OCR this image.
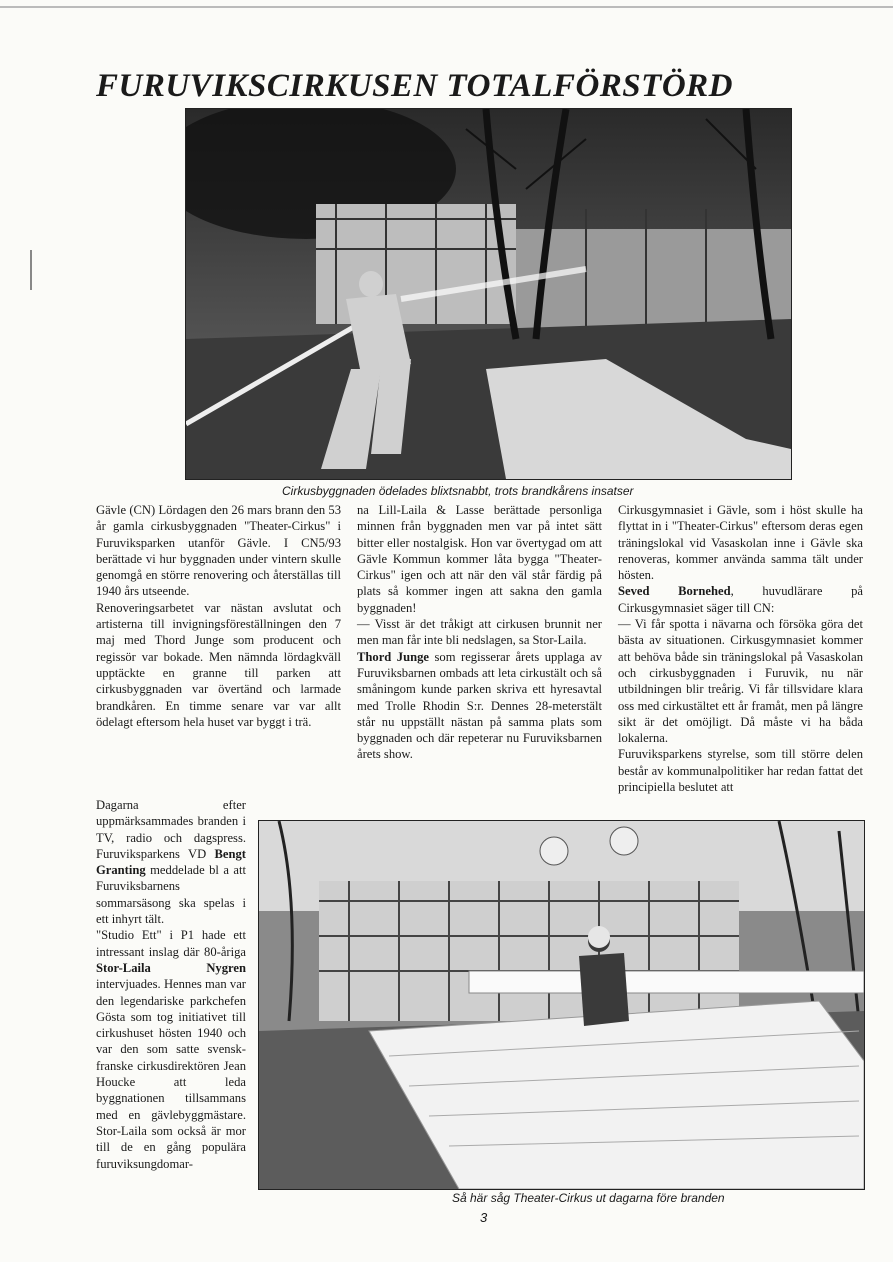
FURUVIKSCIRKUSEN TOTALFÖRSTÖRD
Cirkusbyggnaden ödelades blixtsnabbt, trots brandkårens insatser

Gävle (CN) Lördagen den 26 mars brann den 53 år gamla cirkusbyggnaden "Theater-Cirkus" i Furuviksparken utanför Gävle. I CN5/93 berättade vi hur byggnaden under vintern skulle genomgå en större renovering och återställas till 1940 års utseende.

Renoveringsarbetet var nästan avslutat och artisterna till invigningsföreställningen den 7 maj med Thord Junge som producent och regissör var bokade. Men nämnda lördagkväll upptäckte en granne till parken att cirkusbyggnaden var övertänd och larmade brandkåren. En timme senare var var allt ödelagt eftersom hela huset var byggt i trä.

Dagarna efter uppmärksammades branden i TV, radio och dagspress. Furuviksparkens VD Bengt Granting meddelade bl a att Furuviksbarnens sommarsäsong ska spelas i ett inhyrt tält.

"Studio Ett" i P1 hade ett intressant inslag där 80-åriga Stor-Laila Nygren intervjuades. Hennes man var den legendariske parkchefen Gösta som tog initiativet till cirkushuset hösten 1940 och var den som satte svensk-franske cirkusdirektören Jean Houcke att leda byggnationen tillsammans med en gävlebyggmästare. Stor-Laila som också är mor till de en gång populära furuviksungdomar-

na Lill-Laila & Lasse berättade personliga minnen från byggnaden men var på intet sätt bitter eller nostalgisk. Hon var övertygad om att Gävle Kommun kommer låta bygga "Theater-Cirkus" igen och att när den väl står färdig på plats så kommer ingen att sakna den gamla byggnaden!

— Visst är det tråkigt att cirkusen brunnit ner men man får inte bli nedslagen, sa Stor-Laila.

Thord Junge som regisserar årets upplaga av Furuviksbarnen ombads att leta cirkustält och så småningom kunde parken skriva ett hyresavtal med Trolle Rhodin S:r. Dennes 28-meterstält står nu uppställt nästan på samma plats som byggnaden och där repeterar nu Furuviksbarnen årets show.

Cirkusgymnasiet i Gävle, som i höst skulle ha flyttat in i "Theater-Cirkus" eftersom deras egen träningslokal vid Vasaskolan inne i Gävle ska renoveras, kommer använda samma tält under hösten.

Seved Bornehed, huvudlärare på Cirkusgymnasiet säger till CN:

— Vi får spotta i nävarna och försöka göra det bästa av situationen. Cirkusgymnasiet kommer att behöva både sin träningslokal på Vasaskolan och cirkusbyggnaden i Furuvik, nu när utbildningen blir treårig. Vi får tillsvidare klara oss med cirkustältet ett år framåt, men på längre sikt är det omöjligt. Då måste vi ha båda lokalerna.

Furuviksparkens styrelse, som till större delen består av kommunalpolitiker har redan fattat det principiella beslutet att

Så här såg Theater-Cirkus ut dagarna före branden
3
